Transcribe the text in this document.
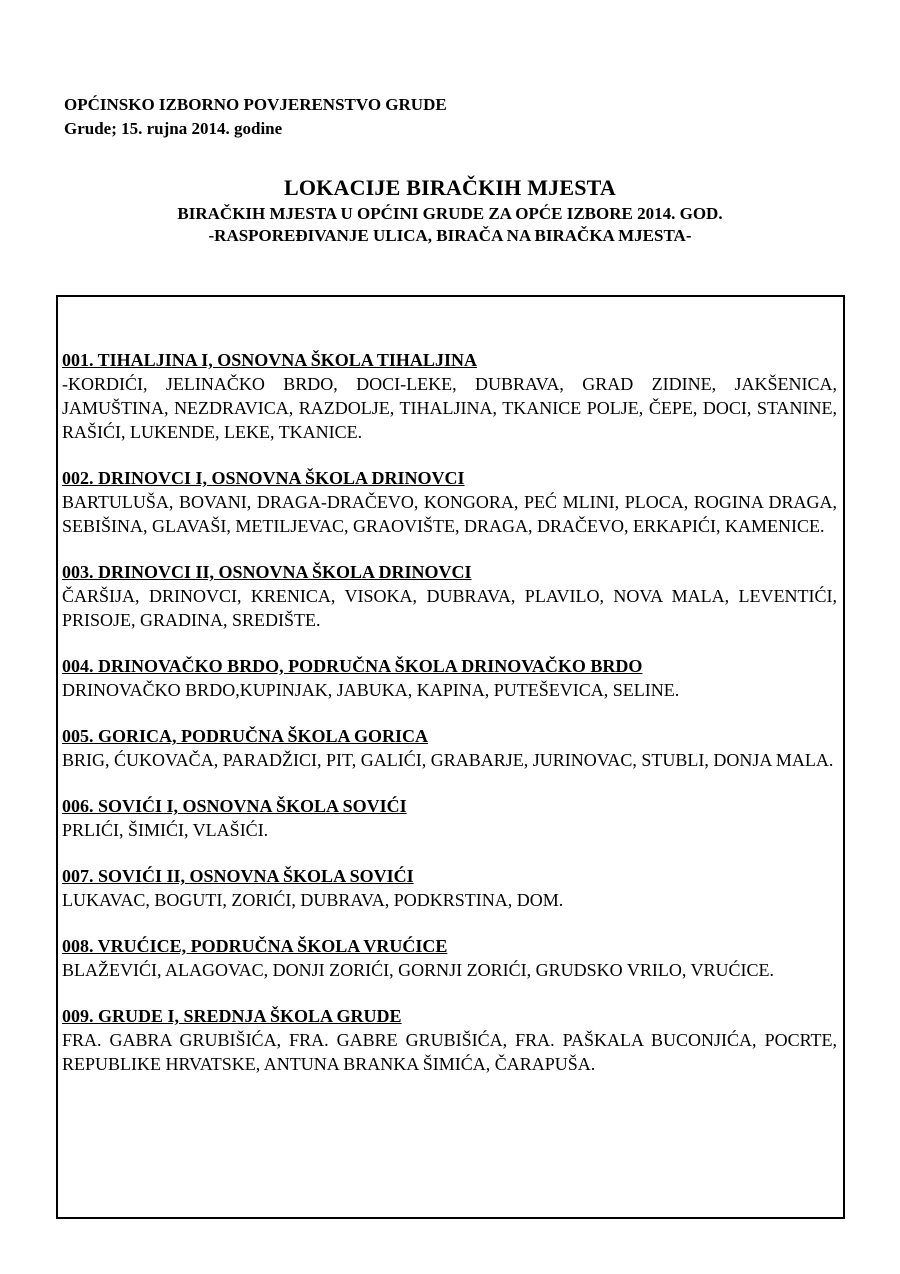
OPĆINSKO IZBORNO POVJERENSTVO GRUDE
Grude; 15. rujna 2014. godine
LOKACIJE BIRAČKIH MJESTA
BIRAČKIH MJESTA U OPĆINI GRUDE ZA OPĆE IZBORE 2014. GOD.
-RASPOREĐIVANJE ULICA, BIRAČA NA BIRAČKA MJESTA-
001. TIHALJINA I, OSNOVNA ŠKOLA TIHALJINA
-KORDIĆI, JELINAČKO BRDO, DOCI-LEKE, DUBRAVA, GRAD ZIDINE, JAKŠENICA, JAMUŠTINA, NEZDRAVICA, RAZDOLJE, TIHALJINA, TKANICE POLJE, ČEPE, DOCI, STANINE, RAŠIĆI, LUKENDE, LEKE, TKANICE.
002. DRINOVCI I, OSNOVNA ŠKOLA DRINOVCI
BARTULUŠA, BOVANI, DRAGA-DRAČEVO, KONGORA, PEĆ MLINI, PLOCA, ROGINA DRAGA, SEBIŠINA, GLAVAŠI, METILJEVAC, GRAOVIŠTE, DRAGA, DRAČEVO, ERKAPIĆI, KAMENICE.
003. DRINOVCI II, OSNOVNA ŠKOLA DRINOVCI
ČARŠIJA, DRINOVCI, KRENICA, VISOKA, DUBRAVA, PLAVILO, NOVA MALA, LEVENTIĆI, PRISOJE, GRADINA, SREDIŠTE.
004. DRINOVAČKO BRDO, PODRUČNA ŠKOLA DRINOVAČKO BRDO
DRINOVAČKO BRDO,KUPINJAK, JABUKA, KAPINA, PUTEŠEVICA, SELINE.
005. GORICA, PODRUČNA ŠKOLA GORICA
BRIG, ĆUKOVAČA, PARADŽICI, PIT, GALIĆI, GRABARJE, JURINOVAC, STUBLI, DONJA MALA.
006. SOVIĆI I, OSNOVNA ŠKOLA SOVIĆI
PRLIĆI, ŠIMIĆI, VLAŠIĆI.
007. SOVIĆI II, OSNOVNA ŠKOLA SOVIĆI
LUKAVAC, BOGUTI, ZORIĆI, DUBRAVA, PODKRSTINA, DOM.
008. VRUĆICE, PODRUČNA ŠKOLA VRUĆICE
BLAŽEVIĆI, ALAGOVAC, DONJI ZORIĆI, GORNJI ZORIĆI, GRUDSKO VRILO, VRUĆICE.
009. GRUDE I, SREDNJA ŠKOLA GRUDE
FRA. GABRA GRUBIŠIĆA, FRA. GABRE GRUBIŠIĆA, FRA. PAŠKALA BUCONJIĆA, POCRTE, REPUBLIKE HRVATSKE, ANTUNA BRANKA ŠIMIĆA, ČARAPUŠA.
